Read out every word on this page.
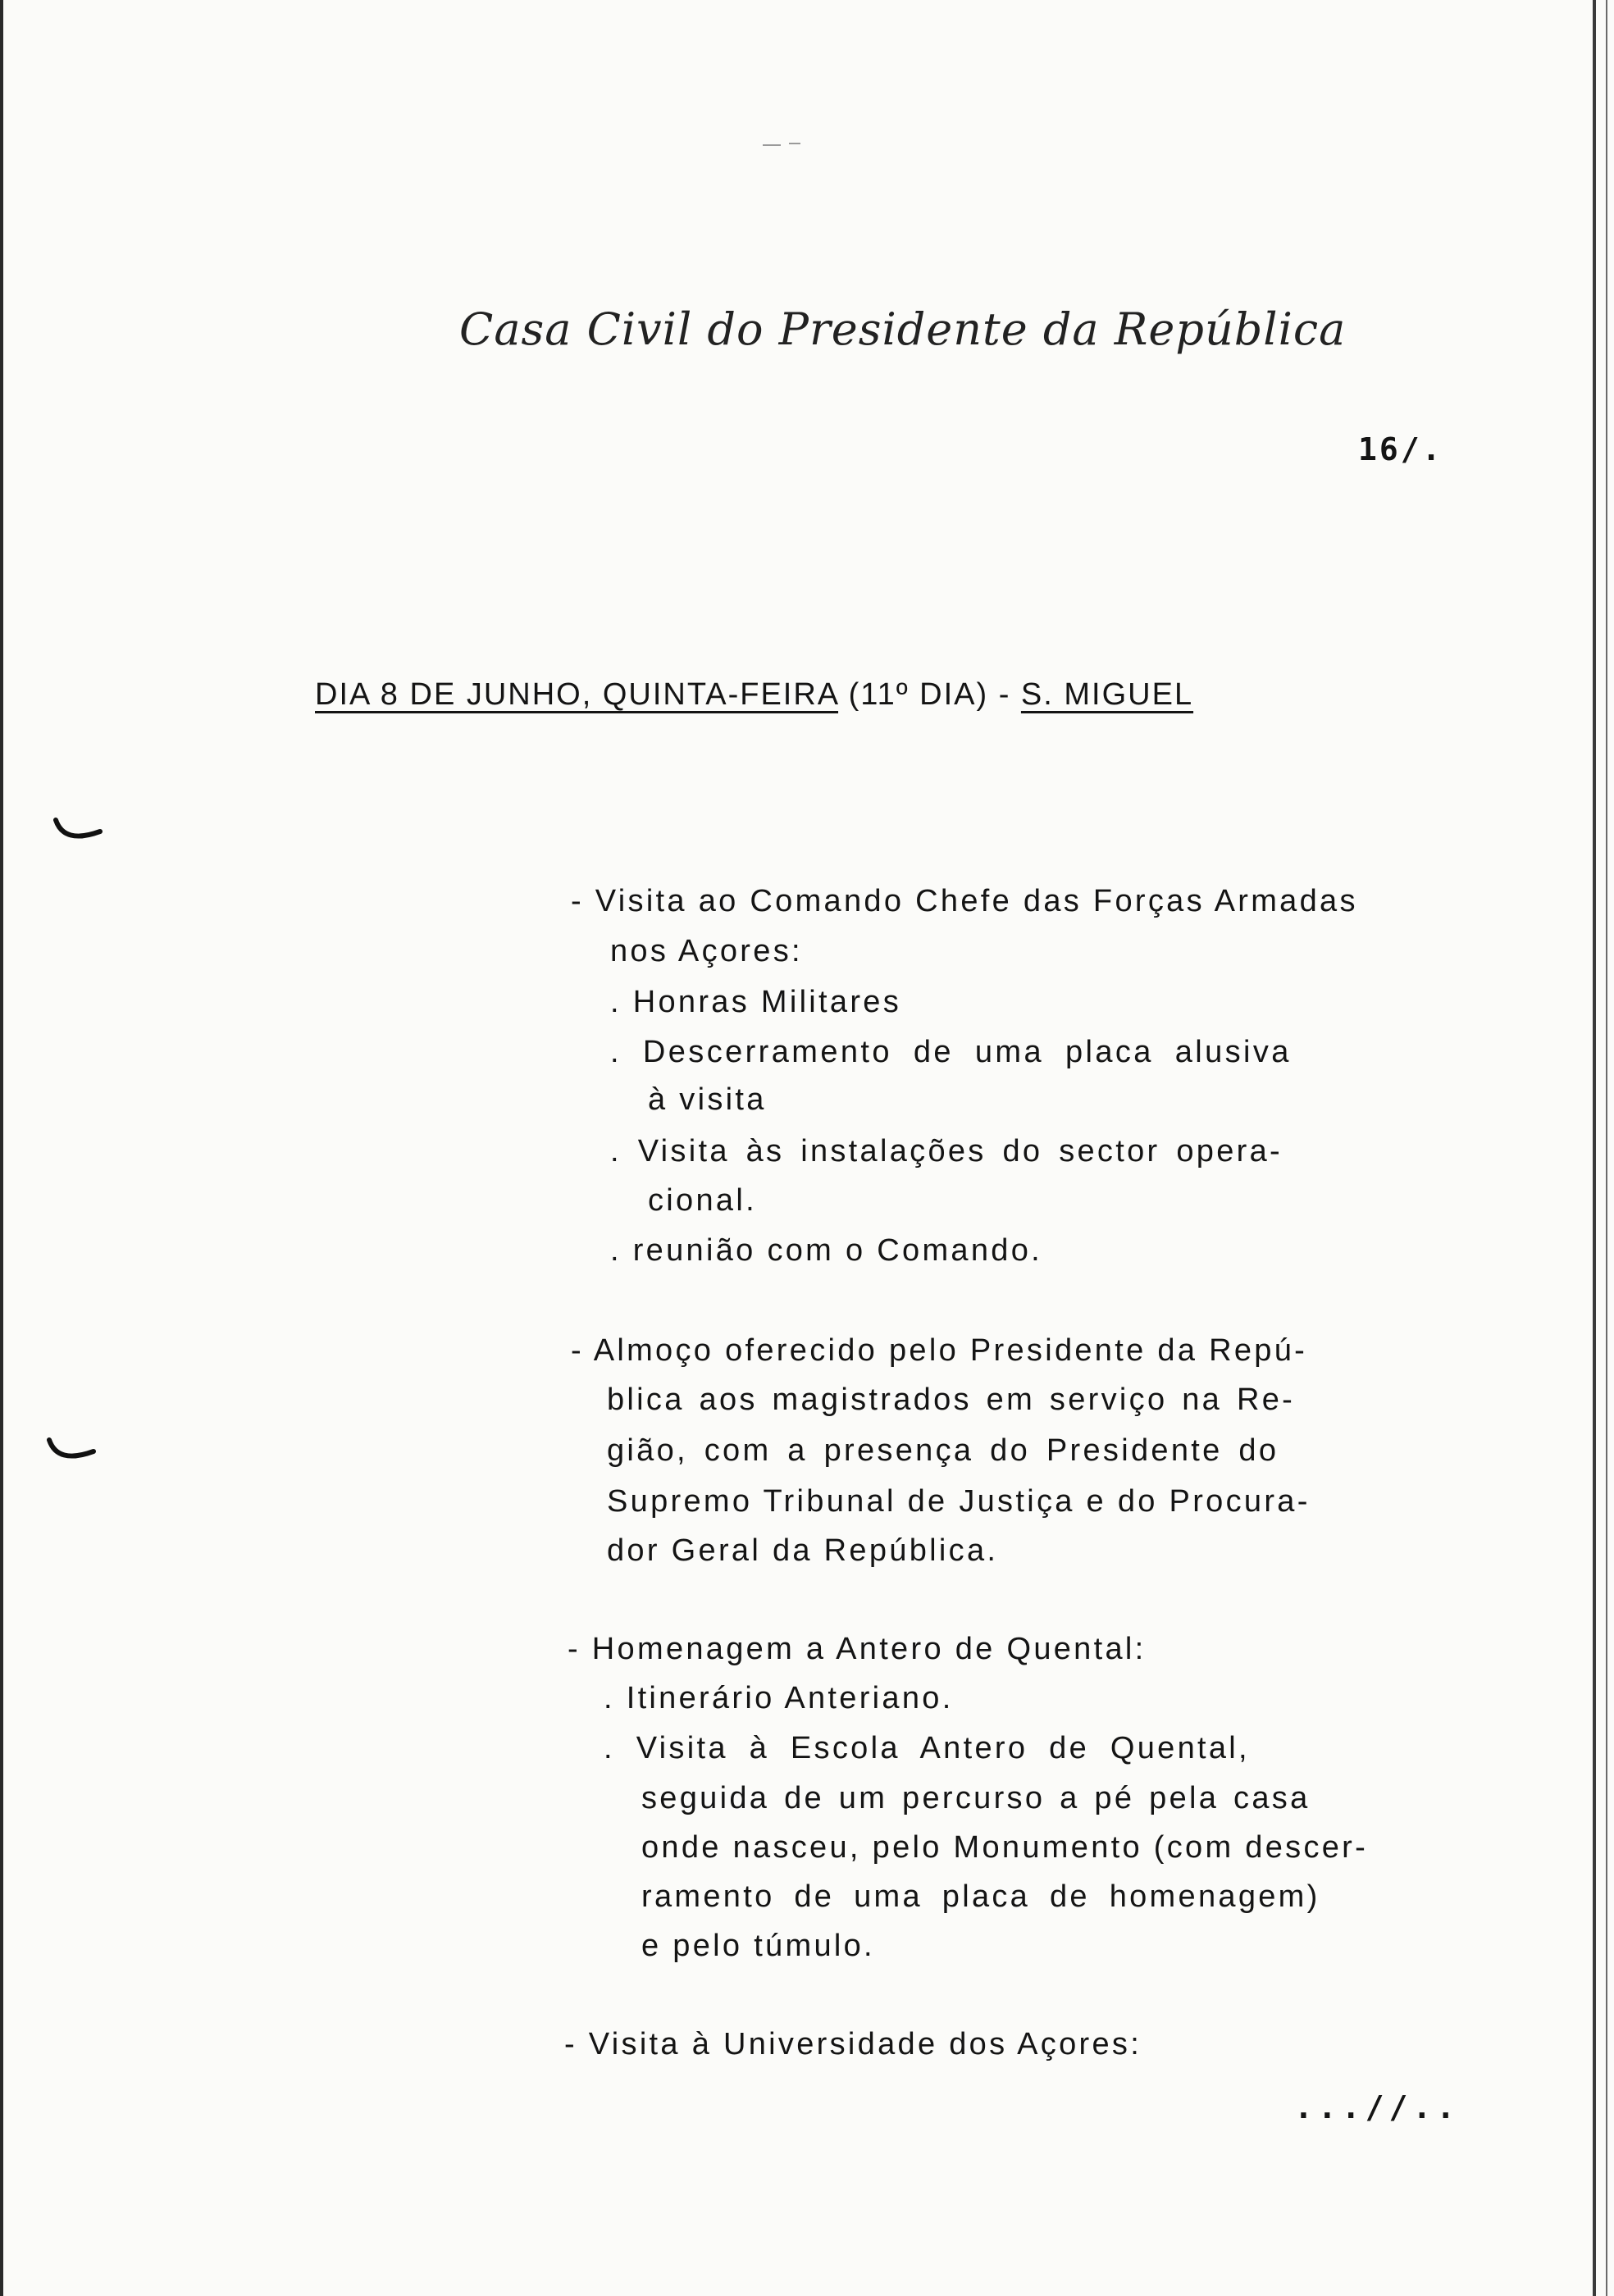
Casa Civil do Presidente da República
16/.
DIA 8 DE JUNHO, QUINTA-FEIRA (11º DIA) - S. MIGUEL
- Visita ao Comando Chefe das Forças Armadas
nos Açores:
. Honras Militares
. Descerramento de uma placa alusiva
à visita
. Visita às instalações do sector opera-
cional.
. reunião com o Comando.
- Almoço oferecido pelo Presidente da Repú-
blica aos magistrados em serviço na Re-
gião, com a presença do Presidente do
Supremo Tribunal de Justiça e do Procura-
dor Geral da República.
- Homenagem a Antero de Quental:
. Itinerário Anteriano.
. Visita à Escola Antero de Quental,
seguida de um percurso a pé pela casa
onde nasceu, pelo Monumento (com descer-
ramento de uma placa de homenagem)
e pelo túmulo.
- Visita à Universidade dos Açores:
...//..
